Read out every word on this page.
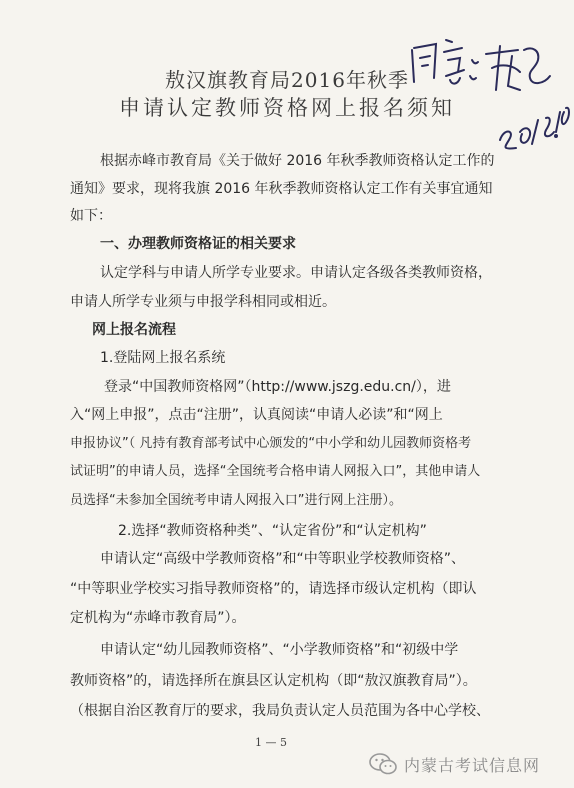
敖汉旗教育局2016年秋季
申请认定教师资格网上报名须知
根据赤峰市教育局《关于做好 2016 年秋季教师资格认定工作的
通知》要求，现将我旗 2016 年秋季教师资格认定工作有关事宜通知
如下：
一、办理教师资格证的相关要求
认定学科与申请人所学专业要求。申请认定各级各类教师资格，
申请人所学专业须与申报学科相同或相近。
网上报名流程
1.登陆网上报名系统
登录“中国教师资格网”（http://www.jszg.edu.cn/），进
入“网上申报”，点击“注册”，认真阅读“申请人必读”和“网上
申报协议”（ 凡持有教育部考试中心颁发的“中小学和幼儿园教师资格考
试证明”的申请人员，选择“全国统考合格申请人网报入口”，其他申请人
员选择“未参加全国统考申请人网报入口”进行网上注册）。
2.选择“教师资格种类”、“认定省份”和“认定机构”
申请认定“高级中学教师资格”和“中等职业学校教师资格”、
“中等职业学校实习指导教师资格”的，请选择市级认定机构（即认
定机构为“赤峰市教育局”）。
申请认定“幼儿园教师资格”、“小学教师资格”和“初级中学
教师资格”的，请选择所在旗县区认定机构（即“敖汉旗教育局”）。
（根据自治区教育厅的要求，我局负责认定人员范围为各中心学校、
1 — 5
内蒙古考试信息网
